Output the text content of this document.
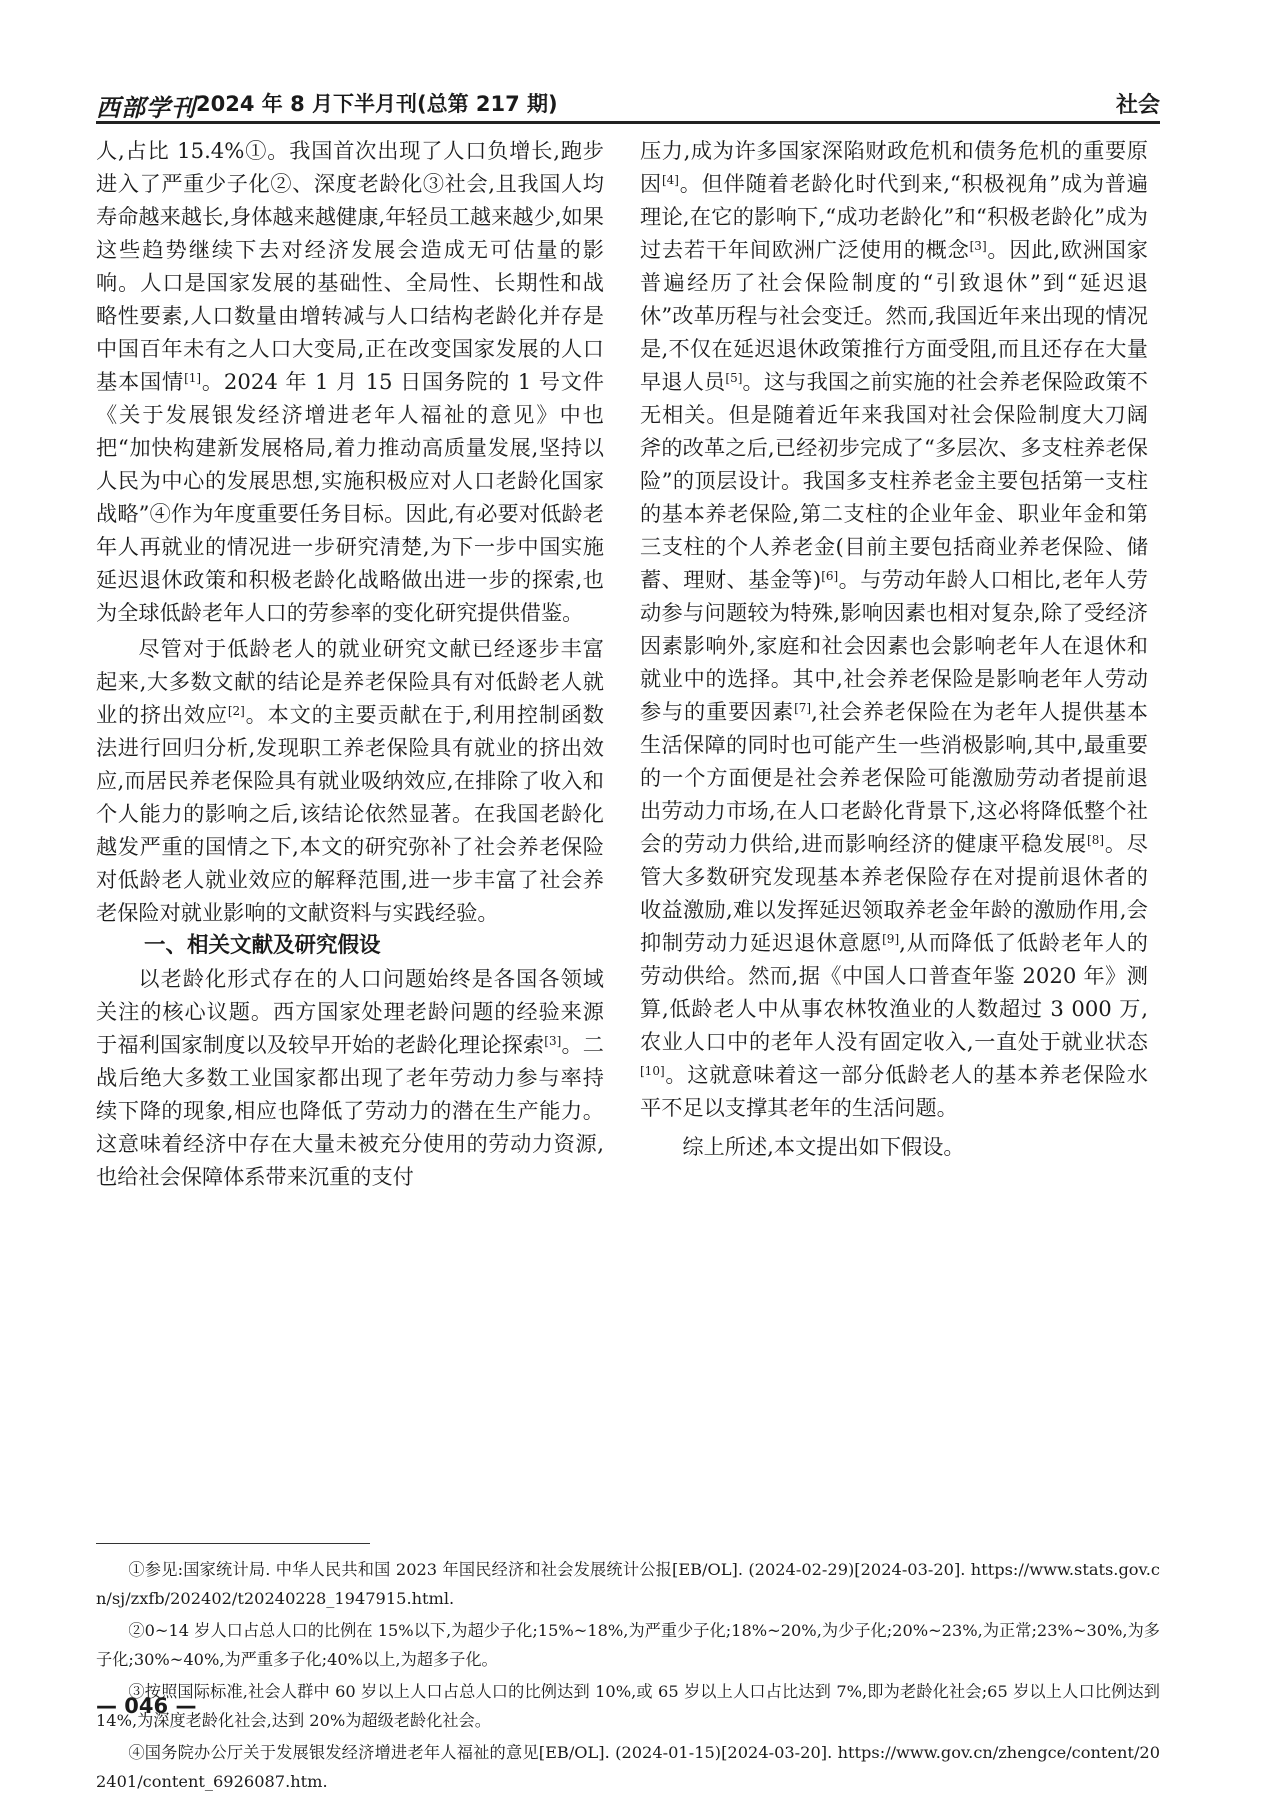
西部学刊 2024 年 8 月下半月刊(总第 217 期)	社会

人,占比 15.4%①。我国首次出现了人口负增长,跑步进入了严重少子化②、深度老龄化③社会,且我国人均寿命越来越长,身体越来越健康,年轻员工越来越少,如果这些趋势继续下去对经济发展会造成无可估量的影响。人口是国家发展的基础性、全局性、长期性和战略性要素,人口数量由增转减与人口结构老龄化并存是中国百年未有之人口大变局,正在改变国家发展的人口基本国情[1]。2024 年 1 月 15 日国务院的 1 号文件《关于发展银发经济增进老年人福祉的意见》中也把“加快构建新发展格局,着力推动高质量发展,坚持以人民为中心的发展思想,实施积极应对人口老龄化国家战略”④作为年度重要任务目标。因此,有必要对低龄老年人再就业的情况进一步研究清楚,为下一步中国实施延迟退休政策和积极老龄化战略做出进一步的探索,也为全球低龄老年人口的劳参率的变化研究提供借鉴。

尽管对于低龄老人的就业研究文献已经逐步丰富起来,大多数文献的结论是养老保险具有对低龄老人就业的挤出效应[2]。本文的主要贡献在于,利用控制函数法进行回归分析,发现职工养老保险具有就业的挤出效应,而居民养老保险具有就业吸纳效应,在排除了收入和个人能力的影响之后,该结论依然显著。在我国老龄化越发严重的国情之下,本文的研究弥补了社会养老保险对低龄老人就业效应的解释范围,进一步丰富了社会养老保险对就业影响的文献资料与实践经验。

一、相关文献及研究假设

以老龄化形式存在的人口问题始终是各国各领域关注的核心议题。西方国家处理老龄问题的经验来源于福利国家制度以及较早开始的老龄化理论探索[3]。二战后绝大多数工业国家都出现了老年劳动力参与率持续下降的现象,相应也降低了劳动力的潜在生产能力。这意味着经济中存在大量未被充分使用的劳动力资源,也给社会保障体系带来沉重的支付

压力,成为许多国家深陷财政危机和债务危机的重要原因[4]。但伴随着老龄化时代到来,“积极视角”成为普遍理论,在它的影响下,“成功老龄化”和“积极老龄化”成为过去若干年间欧洲广泛使用的概念[3]。因此,欧洲国家普遍经历了社会保险制度的“引致退休”到“延迟退休”改革历程与社会变迁。然而,我国近年来出现的情况是,不仅在延迟退休政策推行方面受阻,而且还存在大量早退人员[5]。这与我国之前实施的社会养老保险政策不无相关。但是随着近年来我国对社会保险制度大刀阔斧的改革之后,已经初步完成了“多层次、多支柱养老保险”的顶层设计。我国多支柱养老金主要包括第一支柱的基本养老保险,第二支柱的企业年金、职业年金和第三支柱的个人养老金(目前主要包括商业养老保险、储蓄、理财、基金等)[6]。与劳动年龄人口相比,老年人劳动参与问题较为特殊,影响因素也相对复杂,除了受经济因素影响外,家庭和社会因素也会影响老年人在退休和就业中的选择。其中,社会养老保险是影响老年人劳动参与的重要因素[7],社会养老保险在为老年人提供基本生活保障的同时也可能产生一些消极影响,其中,最重要的一个方面便是社会养老保险可能激励劳动者提前退出劳动力市场,在人口老龄化背景下,这必将降低整个社会的劳动力供给,进而影响经济的健康平稳发展[8]。尽管大多数研究发现基本养老保险存在对提前退休者的收益激励,难以发挥延迟领取养老金年龄的激励作用,会抑制劳动力延迟退休意愿[9],从而降低了低龄老年人的劳动供给。然而,据《中国人口普查年鉴 2020 年》测算,低龄老人中从事农林牧渔业的人数超过 3 000 万,农业人口中的老年人没有固定收入,一直处于就业状态[10]。这就意味着这一部分低龄老人的基本养老保险水平不足以支撑其老年的生活问题。

综上所述,本文提出如下假设。

①参见:国家统计局. 中华人民共和国 2023 年国民经济和社会发展统计公报[EB/OL]. (2024-02-29)[2024-03-20]. https://www.stats.gov.cn/sj/zxfb/202402/t20240228_1947915.html.

②0~14 岁人口占总人口的比例在 15%以下,为超少子化;15%~18%,为严重少子化;18%~20%,为少子化;20%~23%,为正常;23%~30%,为多子化;30%~40%,为严重多子化;40%以上,为超多子化。

③按照国际标准,社会人群中 60 岁以上人口占总人口的比例达到 10%,或 65 岁以上人口占比达到 7%,即为老龄化社会;65 岁以上人口比例达到 14%,为深度老龄化社会,达到 20%为超级老龄化社会。

④国务院办公厅关于发展银发经济增进老年人福祉的意见[EB/OL]. (2024-01-15)[2024-03-20]. https://www.gov.cn/zhengce/content/202401/content_6926087.htm.

— 046 —
